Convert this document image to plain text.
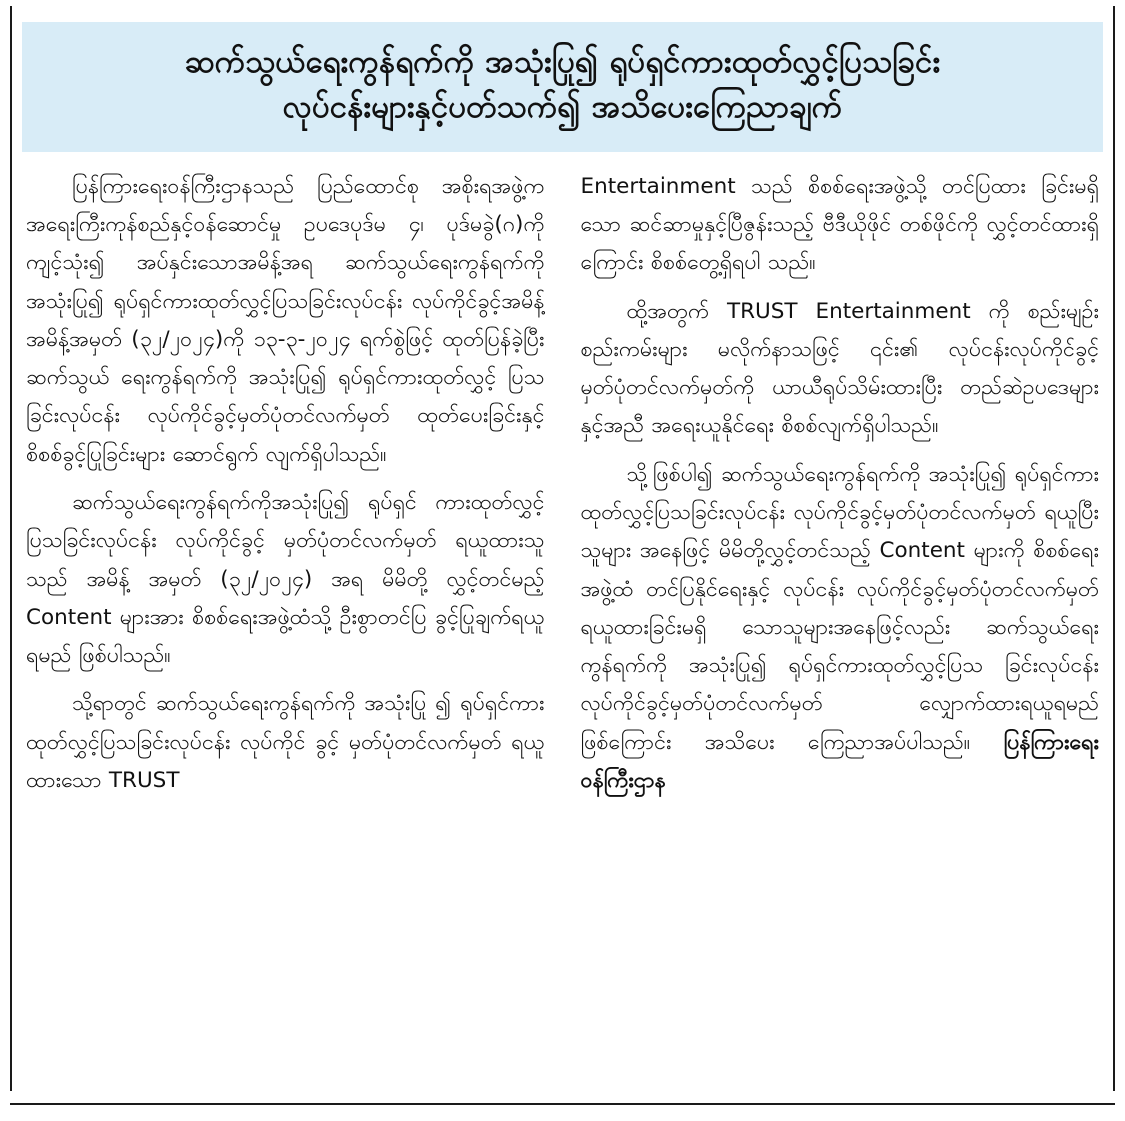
ဆက်သွယ်ရေးကွန်ရက်ကို အသုံးပြု၍ ရုပ်ရှင်ကားထုတ်လွှင့်ပြသခြင်း
လုပ်ငန်းများနှင့်ပတ်သက်၍ အသိပေးကြေညာချက်

ပြန်ကြားရေးဝန်ကြီးဌာနသည် ပြည်ထောင်စု အစိုးရအဖွဲ့က အရေးကြီးကုန်စည်နှင့်ဝန်ဆောင်မှု ဥပဒေပုဒ်မ ၄၊ ပုဒ်မခွဲ(ဂ)ကို ကျင့်သုံး၍ အပ်နှင်းသောအမိန့်အရ ဆက်သွယ်ရေးကွန်ရက်ကို အသုံးပြု၍ ရုပ်ရှင်ကားထုတ်လွှင့်ပြသခြင်းလုပ်ငန်း လုပ်ကိုင်ခွင့်အမိန့် အမိန့်အမှတ် (၃၂/၂၀၂၄)ကို ၁၃-၃-၂၀၂၄ ရက်စွဲဖြင့် ထုတ်ပြန်ခဲ့ပြီး ဆက်သွယ် ရေးကွန်ရက်ကို အသုံးပြု၍ ရုပ်ရှင်ကားထုတ်လွှင့် ပြသခြင်းလုပ်ငန်း လုပ်ကိုင်ခွင့်မှတ်ပုံတင်လက်မှတ် ထုတ်ပေးခြင်းနှင့် စိစစ်ခွင့်ပြုခြင်းများ ဆောင်ရွက် လျက်ရှိပါသည်။

ဆက်သွယ်ရေးကွန်ရက်ကိုအသုံးပြု၍ ရုပ်ရှင် ကားထုတ်လွှင့်ပြသခြင်းလုပ်ငန်း လုပ်ကိုင်ခွင့် မှတ်ပုံတင်လက်မှတ် ရယူထားသူသည် အမိန့် အမှတ် (၃၂/၂၀၂၄) အရ မိမိတို့ လွှင့်တင်မည့် Content များအား စိစစ်ရေးအဖွဲ့ထံသို့ ဦးစွာတင်ပြ ခွင့်ပြုချက်ရယူရမည် ဖြစ်ပါသည်။

သို့ရာတွင် ဆက်သွယ်ရေးကွန်ရက်ကို အသုံးပြု ၍ ရုပ်ရှင်ကားထုတ်လွှင့်ပြသခြင်းလုပ်ငန်း လုပ်ကိုင် ခွင့် မှတ်ပုံတင်လက်မှတ် ရယူထားသော TRUST

Entertainment သည် စိစစ်ရေးအဖွဲ့သို့ တင်ပြထား ခြင်းမရှိသော ဆင်ဆာမှုနှင့်ပြီဇွန်းသည့် ဗီဒီယိုဖိုင် တစ်ဖိုင်ကို လွှင့်တင်ထားရှိကြောင်း စိစစ်တွေ့ရှိရပါ သည်။

ထို့အတွက် TRUST Entertainment ကို စည်းမျဉ်းစည်းကမ်းများ မလိုက်နာသဖြင့် ၎င်း၏ လုပ်ငန်းလုပ်ကိုင်ခွင့် မှတ်ပုံတင်လက်မှတ်ကို ယာယီရုပ်သိမ်းထားပြီး တည်ဆဲဥပဒေများနှင့်အညီ အရေးယူနိုင်ရေး စိစစ်လျက်ရှိပါသည်။

သို့ဖြစ်ပါ၍ ဆက်သွယ်ရေးကွန်ရက်ကို အသုံးပြု၍ ရုပ်ရှင်ကားထုတ်လွှင့်ပြသခြင်းလုပ်ငန်း လုပ်ကိုင်ခွင့်မှတ်ပုံတင်လက်မှတ် ရယူပြီးသူများ အနေဖြင့် မိမိတို့လွှင့်တင်သည့် Content များကို စိစစ်ရေးအဖွဲ့ထံ တင်ပြနိုင်ရေးနှင့် လုပ်ငန်း လုပ်ကိုင်ခွင့်မှတ်ပုံတင်လက်မှတ် ရယူထားခြင်းမရှိ သောသူများအနေဖြင့်လည်း ဆက်သွယ်ရေး ကွန်ရက်ကို အသုံးပြု၍ ရုပ်ရှင်ကားထုတ်လွှင့်ပြသ ခြင်းလုပ်ငန်း လုပ်ကိုင်ခွင့်မှတ်ပုံတင်လက်မှတ် လျှောက်ထားရယူရမည်ဖြစ်ကြောင်း အသိပေး ကြေညာအပ်ပါသည်။ ပြန်ကြားရေးဝန်ကြီးဌာန
